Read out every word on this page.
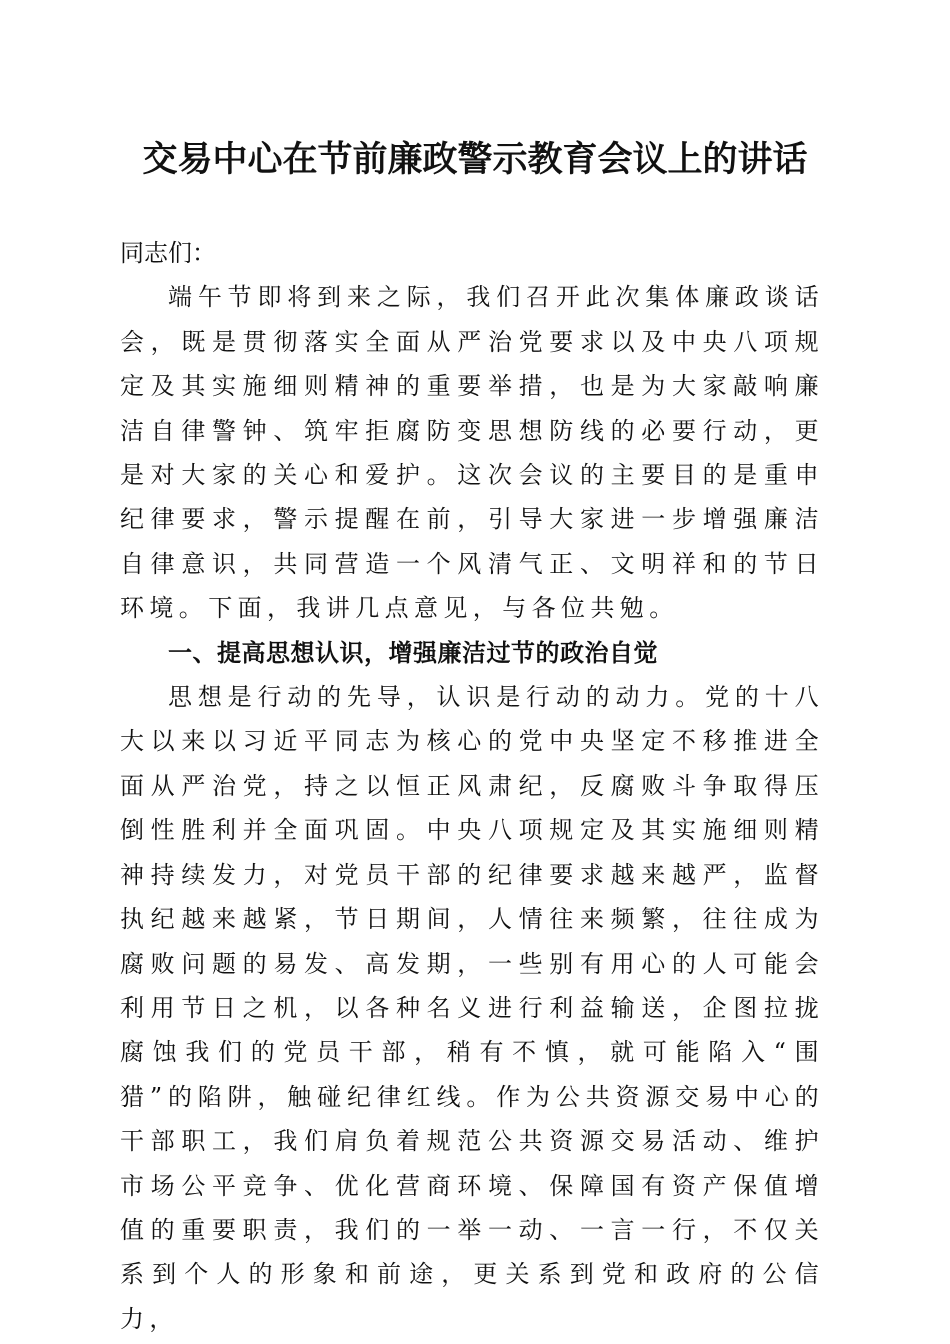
交易中心在节前廉政警示教育会议上的讲话

同志们：

端午节即将到来之际，我们召开此次集体廉政谈话会，既是贯彻落实全面从严治党要求以及中央八项规定及其实施细则精神的重要举措，也是为大家敲响廉洁自律警钟、筑牢拒腐防变思想防线的必要行动，更是对大家的关心和爱护。这次会议的主要目的是重申纪律要求，警示提醒在前，引导大家进一步增强廉洁自律意识，共同营造一个风清气正、文明祥和的节日环境。下面，我讲几点意见，与各位共勉。

一、提高思想认识，增强廉洁过节的政治自觉

思想是行动的先导，认识是行动的动力。党的十八大以来以习近平同志为核心的党中央坚定不移推进全面从严治党，持之以恒正风肃纪，反腐败斗争取得压倒性胜利并全面巩固。中央八项规定及其实施细则精神持续发力，对党员干部的纪律要求越来越严，监督执纪越来越紧，节日期间，人情往来频繁，往往成为腐败问题的易发、高发期，一些别有用心的人可能会利用节日之机，以各种名义进行利益输送，企图拉拢腐蚀我们的党员干部，稍有不慎，就可能陷入“围猎”的陷阱，触碰纪律红线。作为公共资源交易中心的干部职工，我们肩负着规范公共资源交易活动、维护市场公平竞争、优化营商环境、保障国有资产保值增值的重要职责，我们的一举一动、一言一行，不仅关系到个人的形象和前途，更关系到党和政府的公信力，
